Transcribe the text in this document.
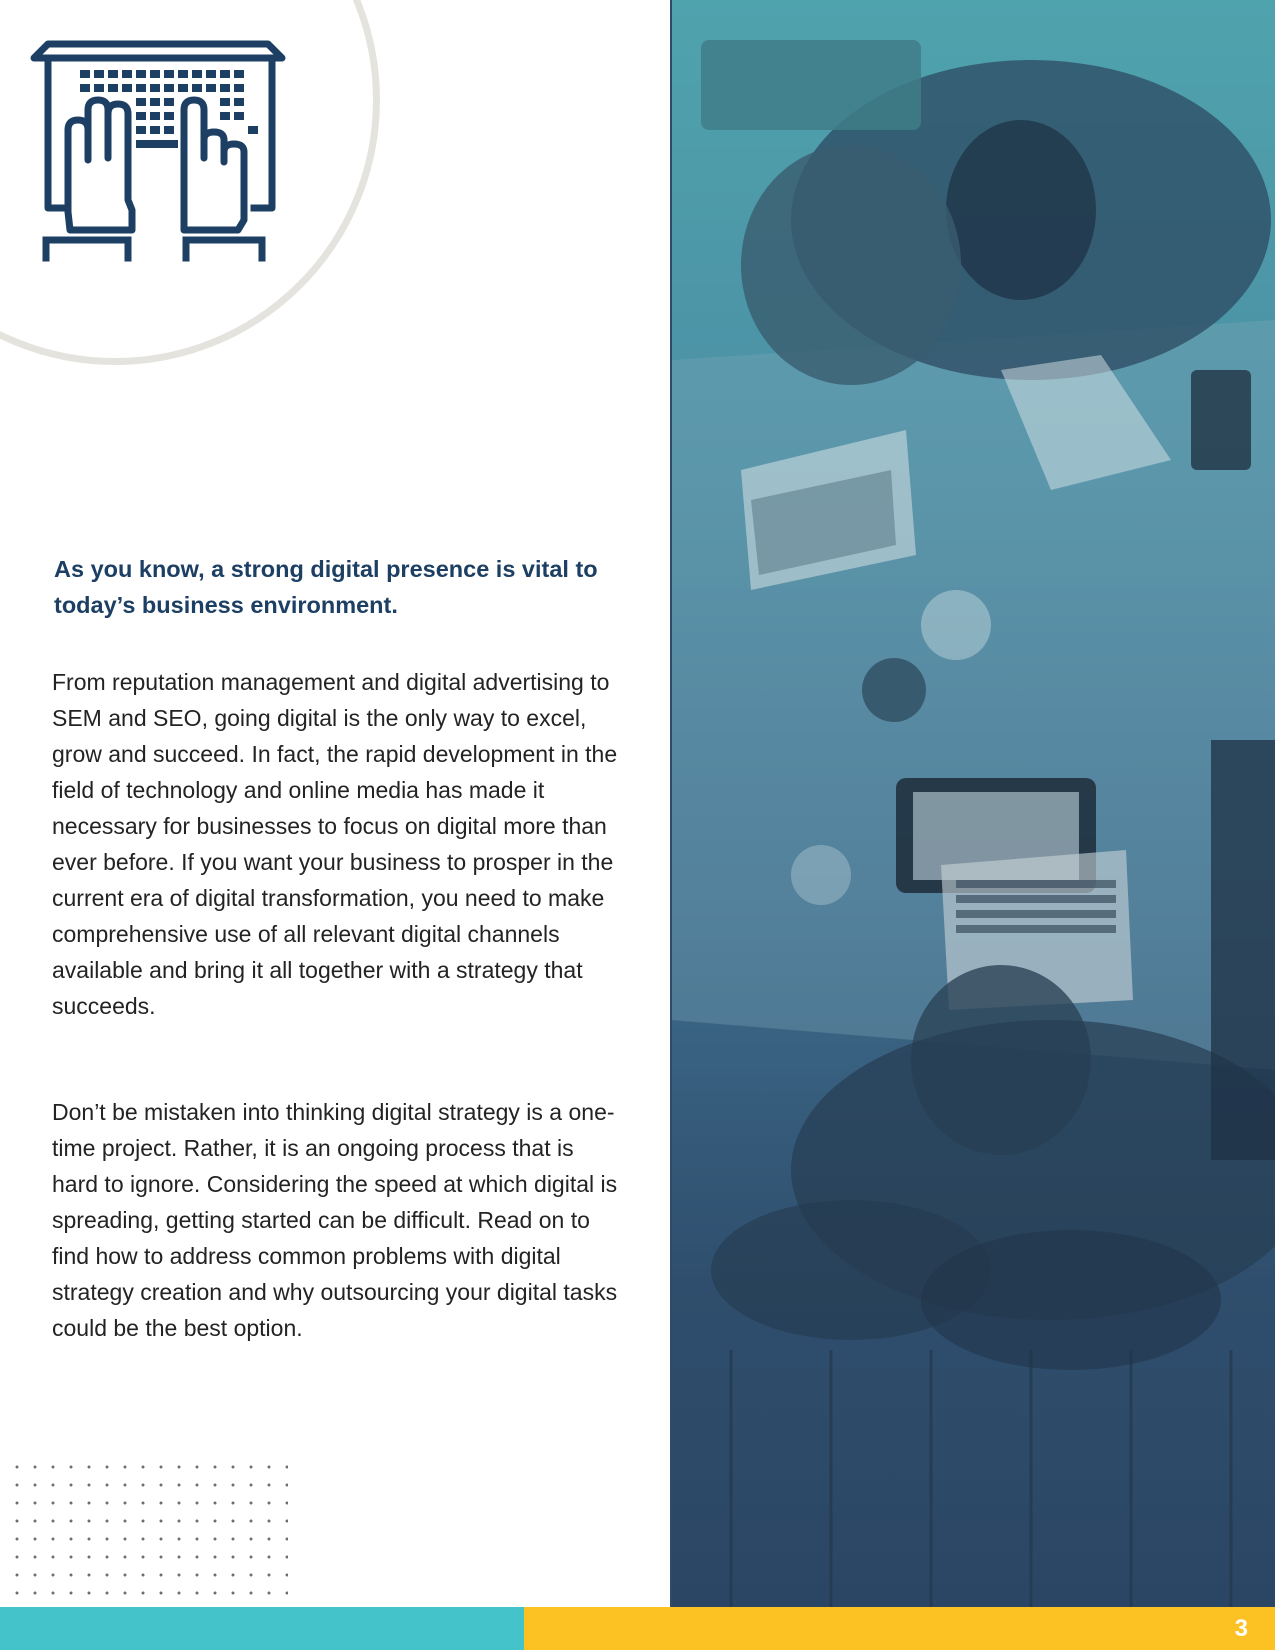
As you know, a strong digital presence is vital to today’s business environment.

From reputation management and digital advertising to SEM and SEO, going digital is the only way to excel, grow and succeed. In fact, the rapid development in the field of technology and online media has made it necessary for businesses to focus on digital more than ever before. If you want your business to prosper in the current era of digital transformation, you need to make comprehensive use of all relevant digital channels available and bring it all together with a strategy that succeeds.

Don’t be mistaken into thinking digital strategy is a one-time project. Rather, it is an ongoing process that is hard to ignore. Considering the speed at which digital is spreading, getting started can be difficult. Read on to find how to address common problems with digital strategy creation and why outsourcing your digital tasks could be the best option.

3
